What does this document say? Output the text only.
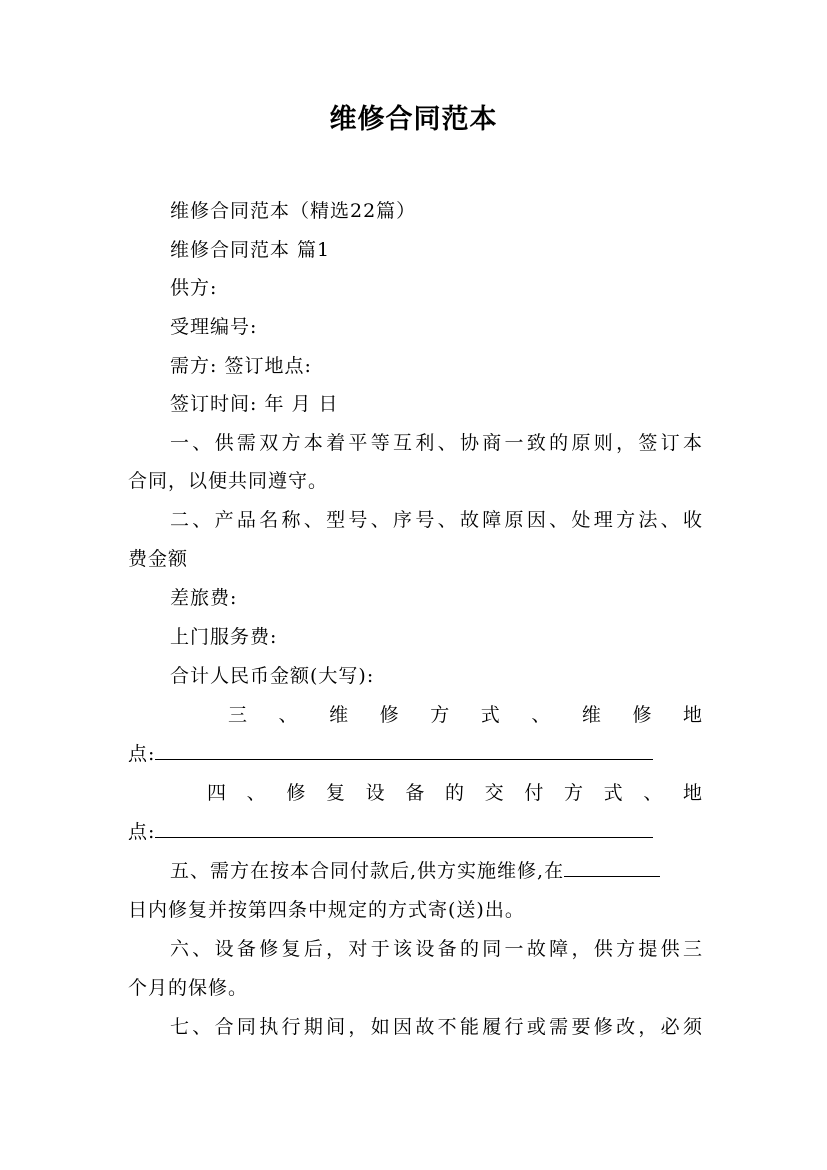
维修合同范本
维修合同范本（精选22篇）
维修合同范本 篇1
供方:
受理编号:
需方: 签订地点:
签订时间: 年 月 日
一、供需双方本着平等互利、协商一致的原则，签订本
合同，以便共同遵守。
二、产品名称、型号、序号、故障原因、处理方法、收
费金额
差旅费:
上门服务费:
合计人民币金额(大写):
三 、 维 修 方 式 、 维 修 地
点:
四 、 修 复 设 备 的 交 付 方 式 、 地
点:
五、需方在按本合同付款后,供方实施维修,在
日内修复并按第四条中规定的方式寄(送)出。
六、设备修复后，对于该设备的同一故障，供方提供三
个月的保修。
七、合同执行期间，如因故不能履行或需要修改，必须
